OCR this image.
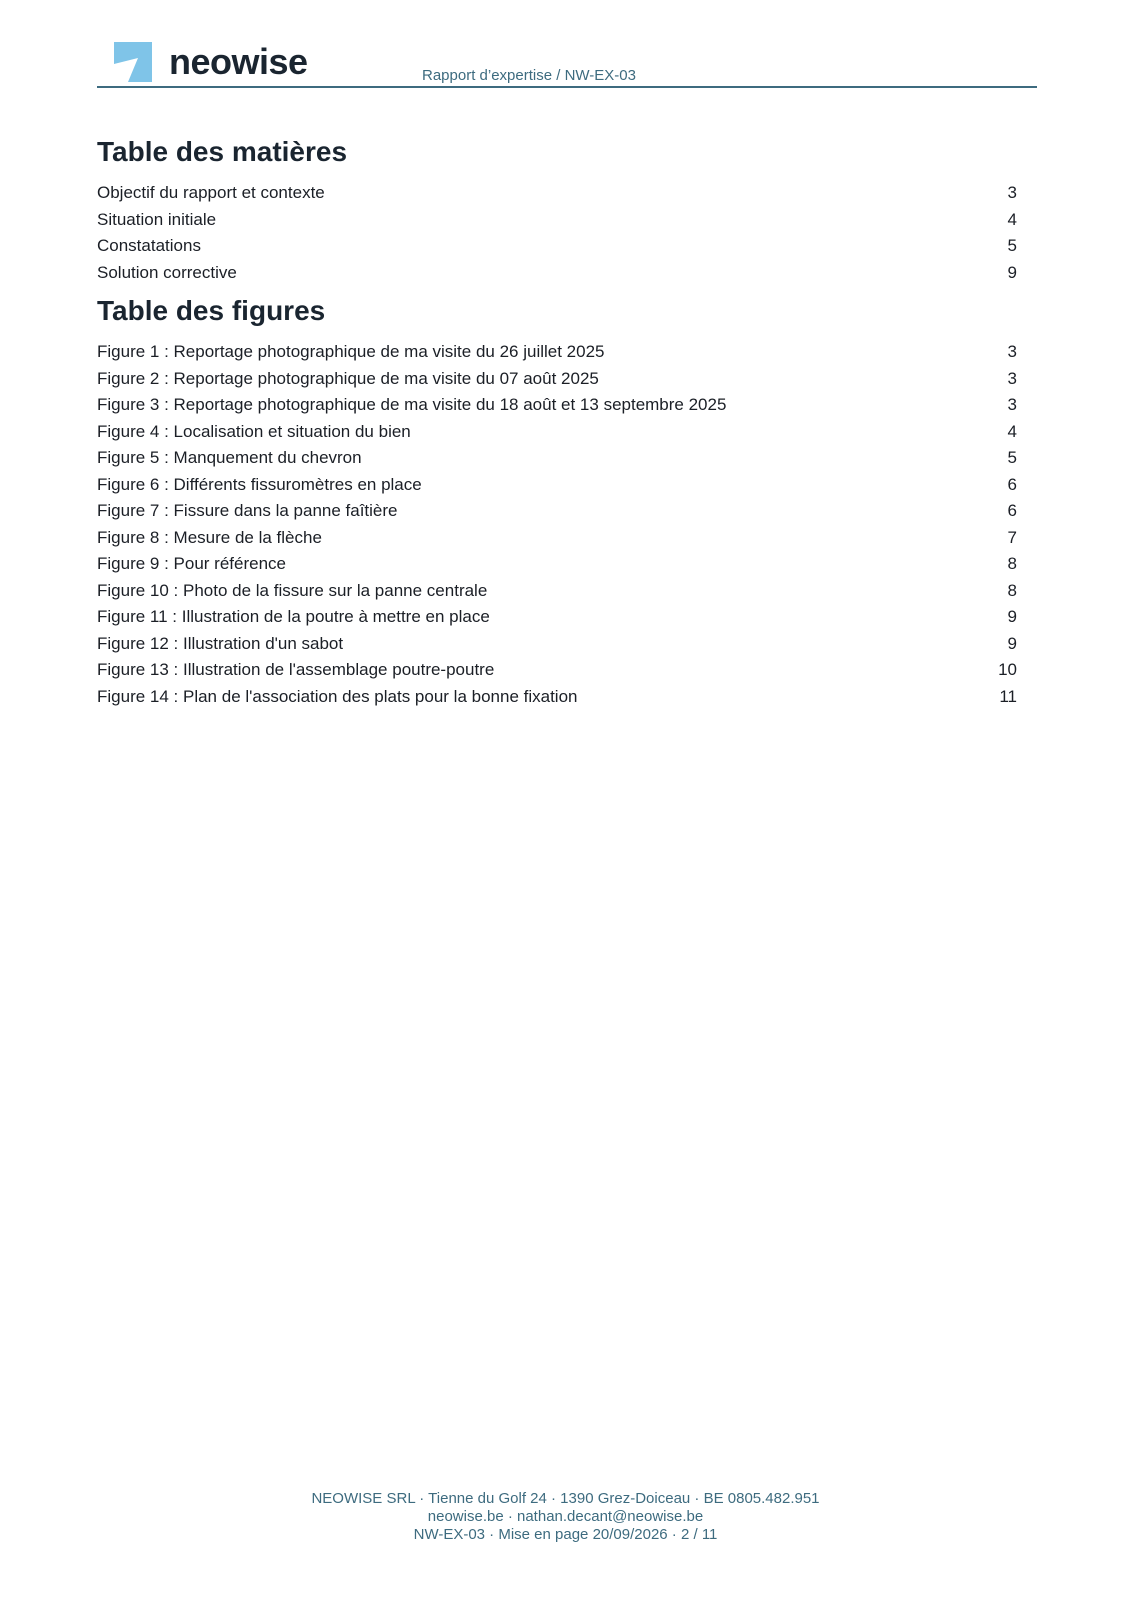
neowise	Rapport d’expertise / NW-EX-03
Table des matières
Objectif du rapport et contexte	3
Situation initiale	4
Constatations	5
Solution corrective	9
Table des figures
Figure 1 : Reportage photographique de ma visite du 26 juillet 2025	3
Figure 2 : Reportage photographique de ma visite du 07 août 2025	3
Figure 3 : Reportage photographique de ma visite du 18 août et 13 septembre 2025	3
Figure 4 : Localisation et situation du bien	4
Figure 5 : Manquement du chevron	5
Figure 6 : Différents fissuromètres en place	6
Figure 7 : Fissure dans la panne faîtière	6
Figure 8 : Mesure de la flèche	7
Figure 9 : Pour référence	8
Figure 10 : Photo de la fissure sur la panne centrale	8
Figure 11 : Illustration de la poutre à mettre en place	9
Figure 12 : Illustration d'un sabot	9
Figure 13 : Illustration de l'assemblage poutre-poutre	10
Figure 14 : Plan de l'association des plats pour la bonne fixation	11
NEOWISE SRL · Tienne du Golf 24 · 1390 Grez-Doiceau · BE 0805.482.951
neowise.be · nathan.decant@neowise.be
NW-EX-03 · Mise en page 20/09/2026 · 2 / 11
